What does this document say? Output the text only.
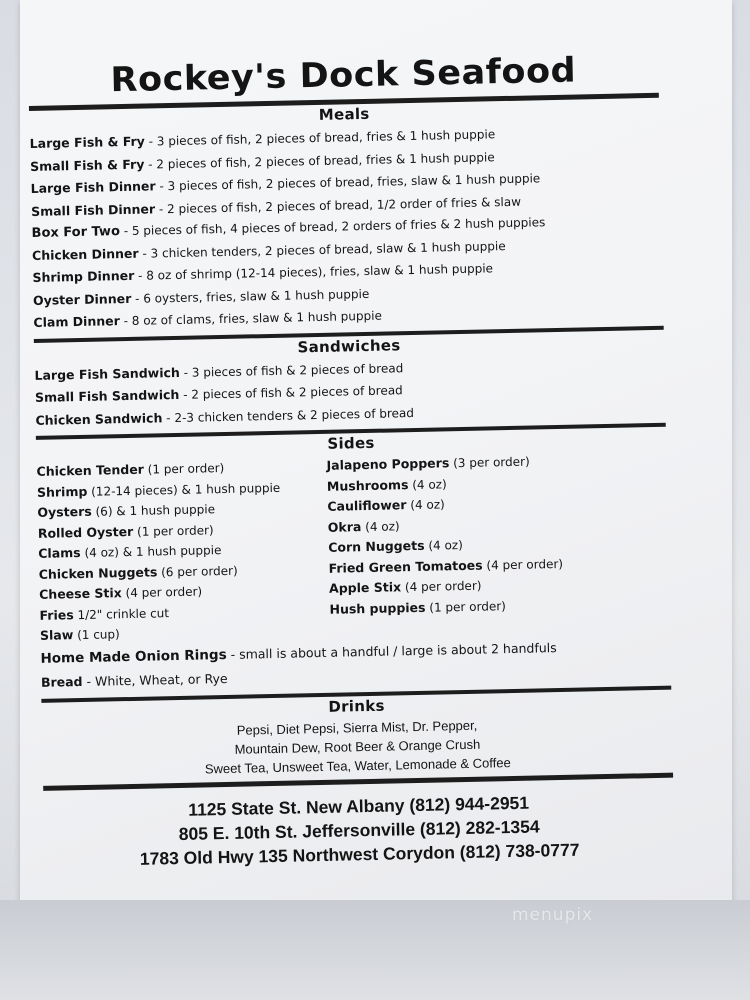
Rockey's Dock Seafood
Meals
Large Fish & Fry - 3 pieces of fish, 2 pieces of bread, fries & 1 hush puppie
Small Fish & Fry - 2 pieces of fish, 2 pieces of bread, fries & 1 hush puppie
Large Fish Dinner - 3 pieces of fish, 2 pieces of bread, fries, slaw & 1 hush puppie
Small Fish Dinner - 2 pieces of fish, 2 pieces of bread, 1/2 order of fries & slaw
Box For Two - 5 pieces of fish, 4 pieces of bread, 2 orders of fries & 2 hush puppies
Chicken Dinner - 3 chicken tenders, 2 pieces of bread, slaw & 1 hush puppie
Shrimp Dinner - 8 oz of shrimp (12-14 pieces), fries, slaw & 1 hush puppie
Oyster Dinner - 6 oysters, fries, slaw & 1 hush puppie
Clam Dinner - 8 oz of clams, fries, slaw & 1 hush puppie
Sandwiches
Large Fish Sandwich - 3 pieces of fish & 2 pieces of bread
Small Fish Sandwich - 2 pieces of fish & 2 pieces of bread
Chicken Sandwich - 2-3 chicken tenders & 2 pieces of bread
Sides
Chicken Tender (1 per order)
Shrimp (12-14 pieces) & 1 hush puppie
Oysters (6) & 1 hush puppie
Rolled Oyster (1 per order)
Clams (4 oz) & 1 hush puppie
Chicken Nuggets (6 per order)
Cheese Stix (4 per order)
Fries 1/2" crinkle cut
Slaw (1 cup)
Jalapeno Poppers (3 per order)
Mushrooms (4 oz)
Cauliflower (4 oz)
Okra (4 oz)
Corn Nuggets (4 oz)
Fried Green Tomatoes (4 per order)
Apple Stix (4 per order)
Hush puppies (1 per order)
Home Made Onion Rings - small is about a handful / large is about 2 handfuls
Bread - White, Wheat, or Rye
Drinks
Pepsi, Diet Pepsi, Sierra Mist, Dr. Pepper,
Mountain Dew, Root Beer & Orange Crush
Sweet Tea, Unsweet Tea, Water, Lemonade & Coffee
1125 State St. New Albany (812) 944-2951
805 E. 10th St. Jeffersonville (812) 282-1354
1783 Old Hwy 135 Northwest Corydon (812) 738-0777
menupix
